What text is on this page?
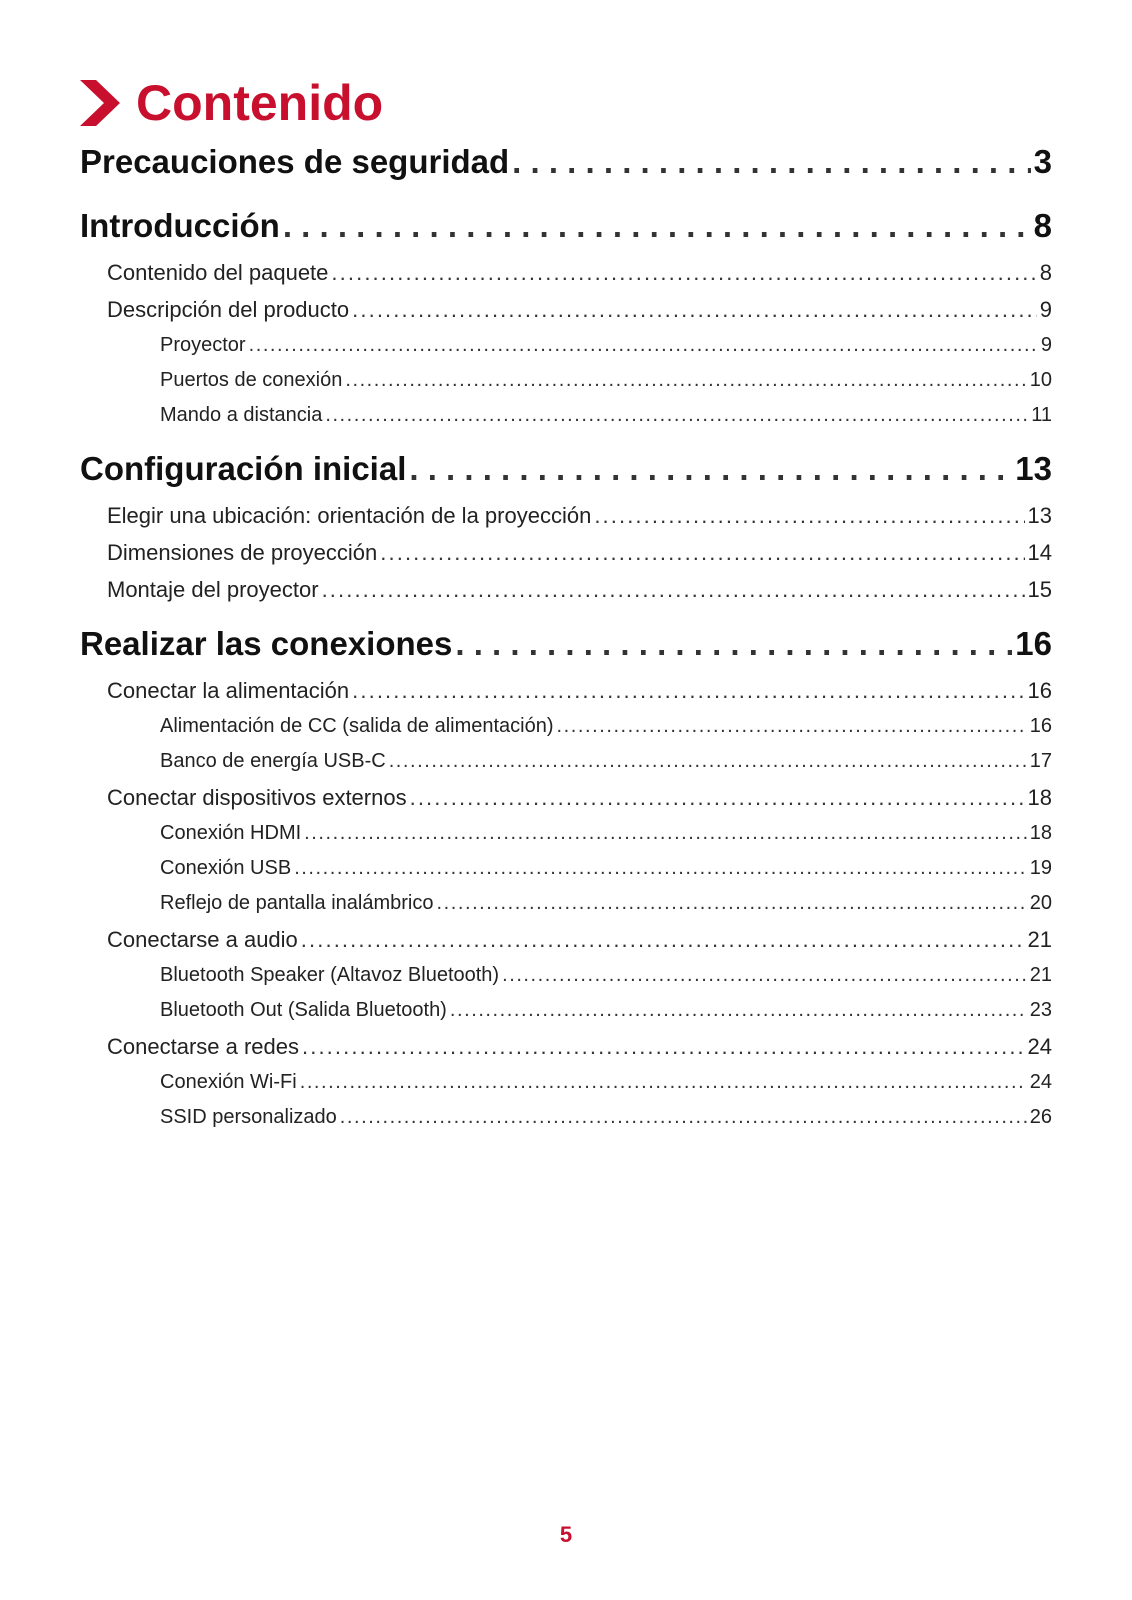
Contenido
Precauciones de seguridad . . .	3
Introducción . . .	8
Contenido del paquete . . .	8
Descripción del producto . . .	9
Proyector . . .	9
Puertos de conexión . . .	10
Mando a distancia . . .	11
Configuración inicial . . .	13
Elegir una ubicación: orientación de la proyección . . .	13
Dimensiones de proyección . . .	14
Montaje del proyector . . .	15
Realizar las conexiones . . .	16
Conectar la alimentación . . .	16
Alimentación de CC (salida de alimentación) . . .	16
Banco de energía USB-C . . .	17
Conectar dispositivos externos . . .	18
Conexión HDMI . . .	18
Conexión USB . . .	19
Reflejo de pantalla inalámbrico . . .	20
Conectarse a audio . . .	21
Bluetooth Speaker (Altavoz Bluetooth) . . .	21
Bluetooth Out (Salida Bluetooth) . . .	23
Conectarse a redes . . .	24
Conexión Wi-Fi . . .	24
SSID personalizado . . .	26
5
